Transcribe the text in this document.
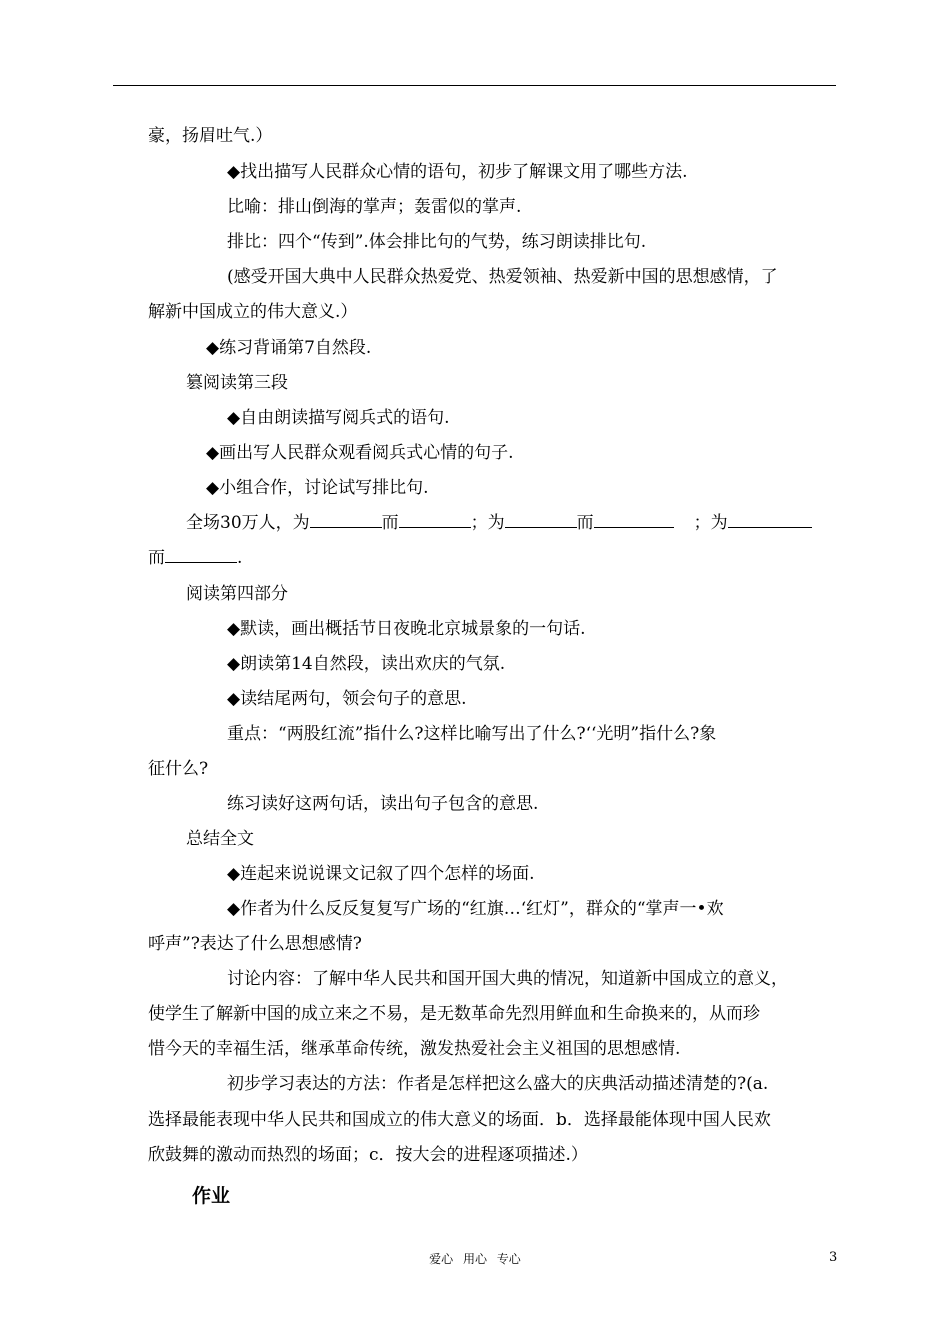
豪，扬眉吐气.）
◆找出描写人民群众心情的语句，初步了解课文用了哪些方法.
比喻：排山倒海的掌声；轰雷似的掌声.
排比：四个“传到”.体会排比句的气势，练习朗读排比句.
(感受开国大典中人民群众热爱党、热爱领袖、热爱新中国的思想感情，了
解新中国成立的伟大意义.）
◆练习背诵第7自然段.
篡阅读第三段
◆自由朗读描写阅兵式的语句.
◆画出写人民群众观看阅兵式心情的句子.
◆小组合作，讨论试写排比句.
全场30万人，为	而	；为	而	；为
而	.
阅读第四部分
◆默读，画出概括节日夜晚北京城景象的一句话.
◆朗读第14自然段，读出欢庆的气氛.
◆读结尾两句，领会句子的意思.
重点：“两股红流”指什么?这样比喻写出了什么?‘‘光明”指什么?象
征什么?
练习读好这两句话，读出句子包含的意思.
总结全文
◆连起来说说课文记叙了四个怎样的场面.
◆作者为什么反反复复写广场的“红旗…‘红灯”，群众的“掌声一•欢
呼声”?表达了什么思想感情?
讨论内容：了解中华人民共和国开国大典的情况，知道新中国成立的意义，
使学生了解新中国的成立来之不易，是无数革命先烈用鲜血和生命换来的，从而珍
惜今天的幸福生活，继承革命传统，激发热爱社会主义祖国的思想感情.
初步学习表达的方法：作者是怎样把这么盛大的庆典活动描述清楚的?(a.
选择最能表现中华人民共和国成立的伟大意义的场面．b．选择最能体现中国人民欢
欣鼓舞的激动而热烈的场面；c．按大会的进程逐项描述.）
作业
爱心 用心 专心	3
